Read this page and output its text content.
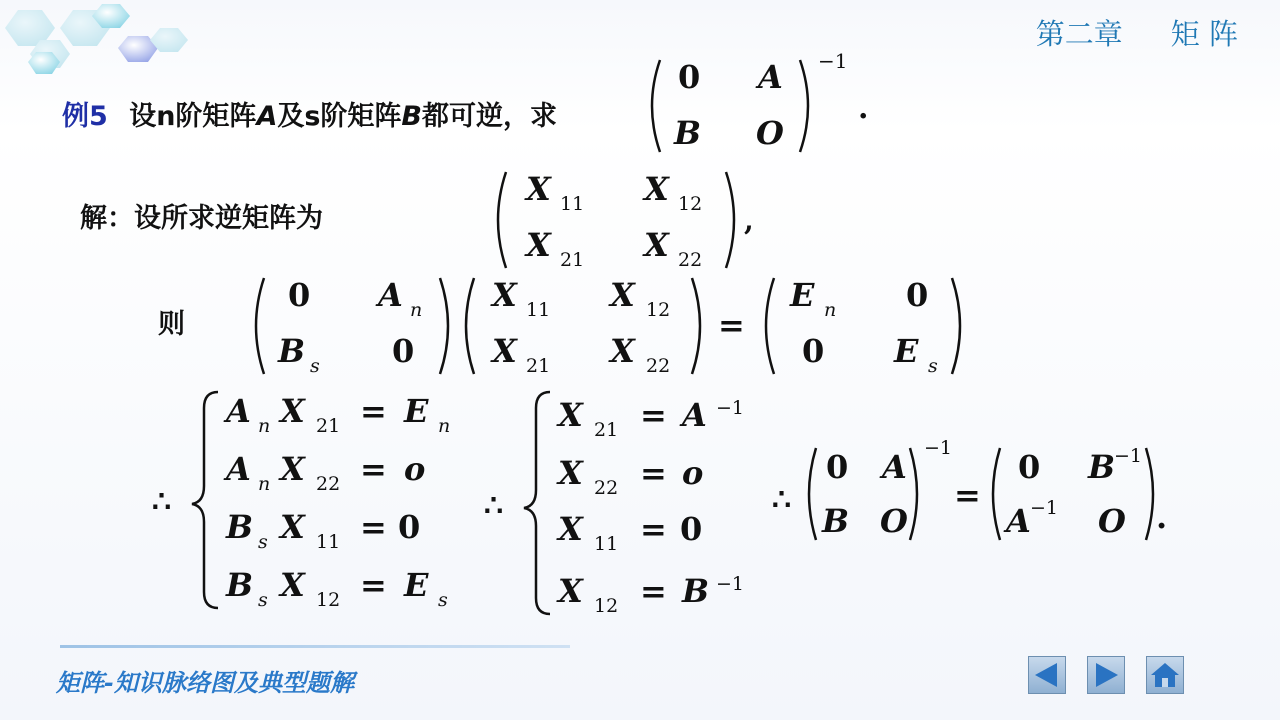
第二章 矩 阵
例5 设n阶矩阵A及s阶矩阵B都可逆，求
0 A
B O
−1
.
解：设所求逆矩阵为
X 11 X 12
X 21 X 22
,
则
0 A n
B s 0
X 11 X 12
X 21 X 22
=
E n 0
0 E s
∴
A n X 21 = E n
A n X 22 = o
B s X 11 = 0
B s X 12 = E s
∴
X 21 = A −1
X 22 = o
X 11 = 0
X 12 = B −1
∴
0 A
B O
−1
=
0 B
−1
A −1 O .
矩阵-知识脉络图及典型题解
